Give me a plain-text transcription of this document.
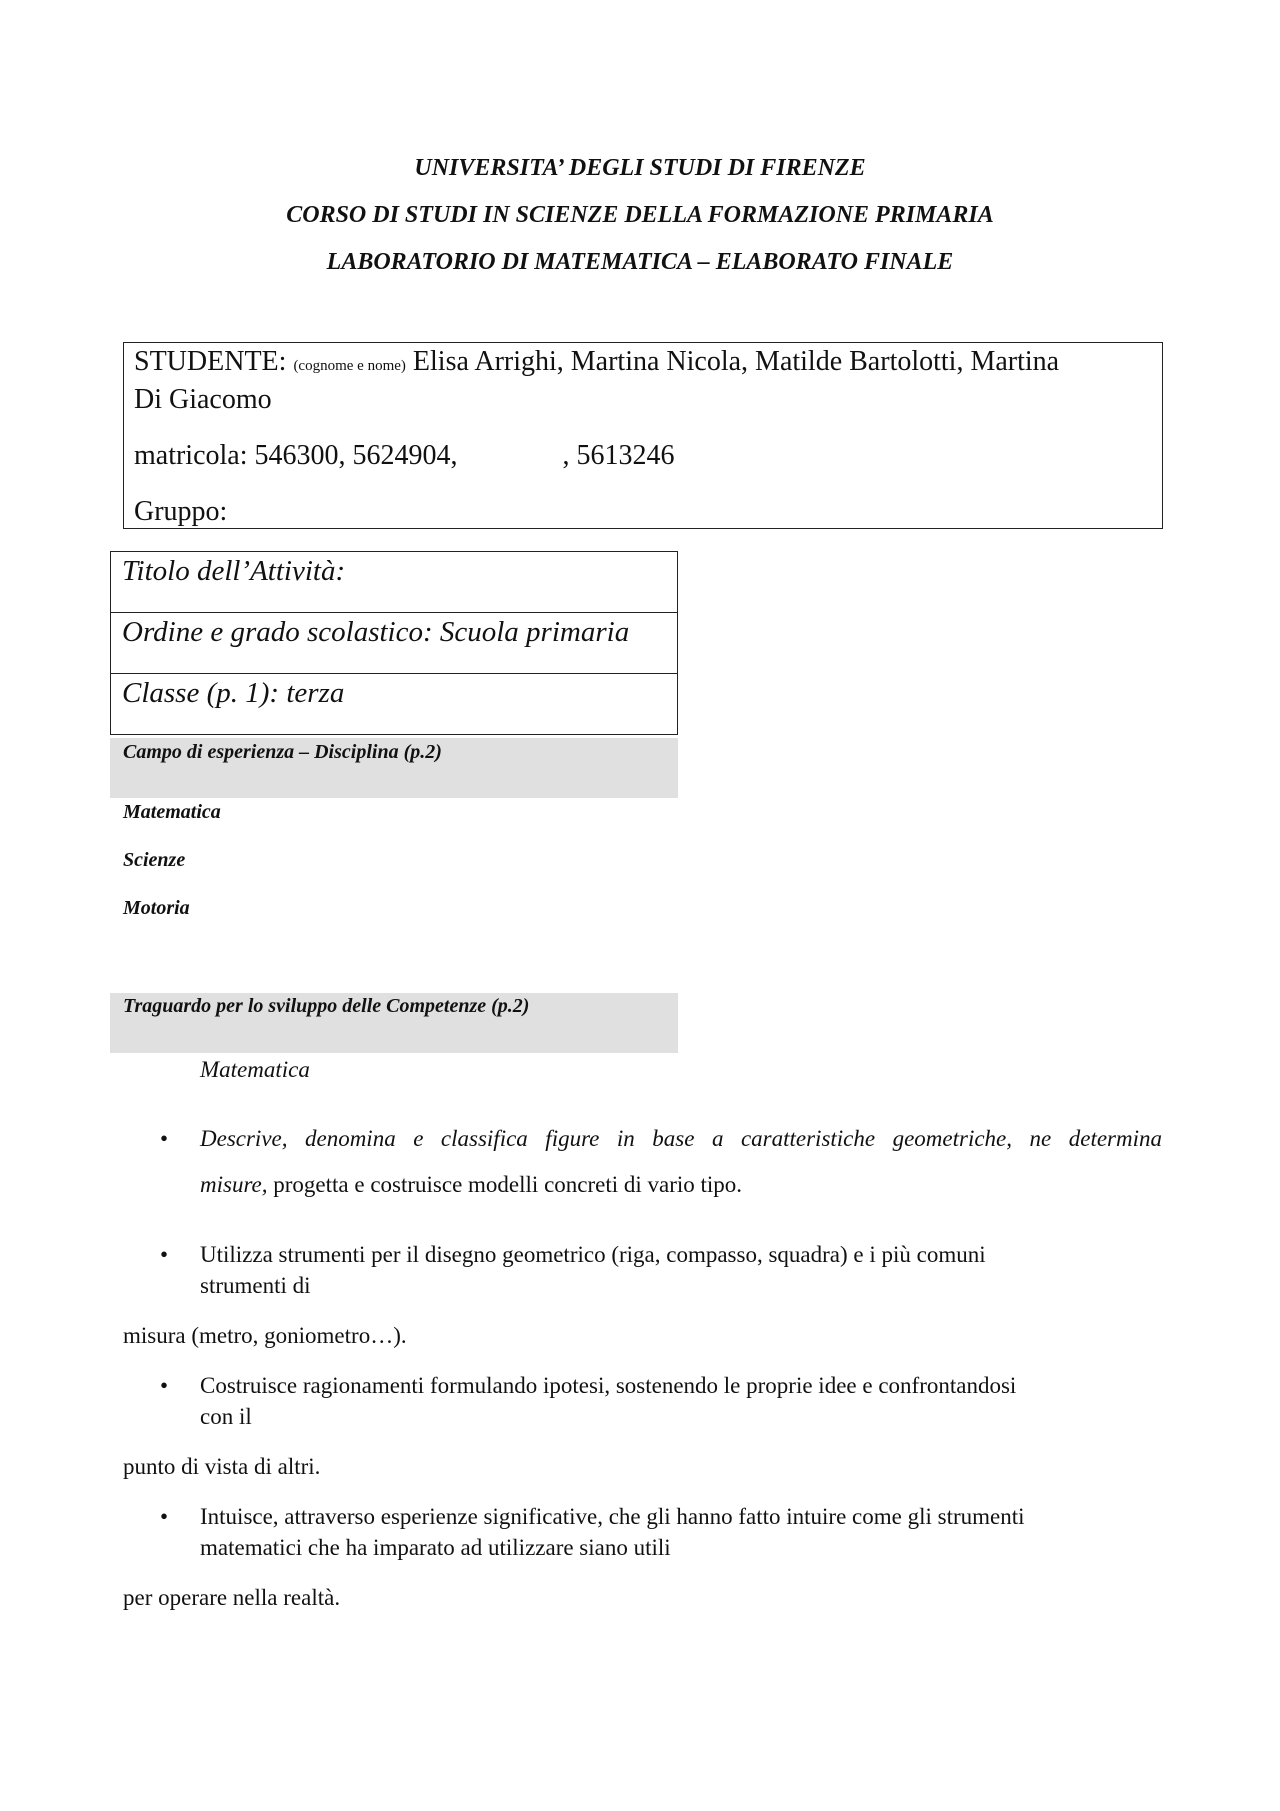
UNIVERSITA’ DEGLI STUDI DI FIRENZE
CORSO DI STUDI IN SCIENZE DELLA FORMAZIONE PRIMARIA
LABORATORIO DI MATEMATICA – ELABORATO FINALE
STUDENTE: (cognome e nome) Elisa Arrighi, Martina Nicola, Matilde Bartolotti, Martina
Di Giacomo
matricola: 546300, 5624904,	, 5613246
Gruppo:
Titolo dell’Attività:
Ordine e grado scolastico: Scuola primaria
Classe (p. 1): terza
Campo di esperienza – Disciplina (p.2)
Matematica
Scienze
Motoria
Traguardo per lo sviluppo delle Competenze (p.2)
Matematica
• Descrive, denomina e classifica figure in base a caratteristiche geometriche, ne determina
misure, progetta e costruisce modelli concreti di vario tipo.
• Utilizza strumenti per il disegno geometrico (riga, compasso, squadra) e i più comuni
strumenti di
misura (metro, goniometro…).
• Costruisce ragionamenti formulando ipotesi, sostenendo le proprie idee e confrontandosi
con il
punto di vista di altri.
• Intuisce, attraverso esperienze significative, che gli hanno fatto intuire come gli strumenti
matematici che ha imparato ad utilizzare siano utili
per operare nella realtà.
